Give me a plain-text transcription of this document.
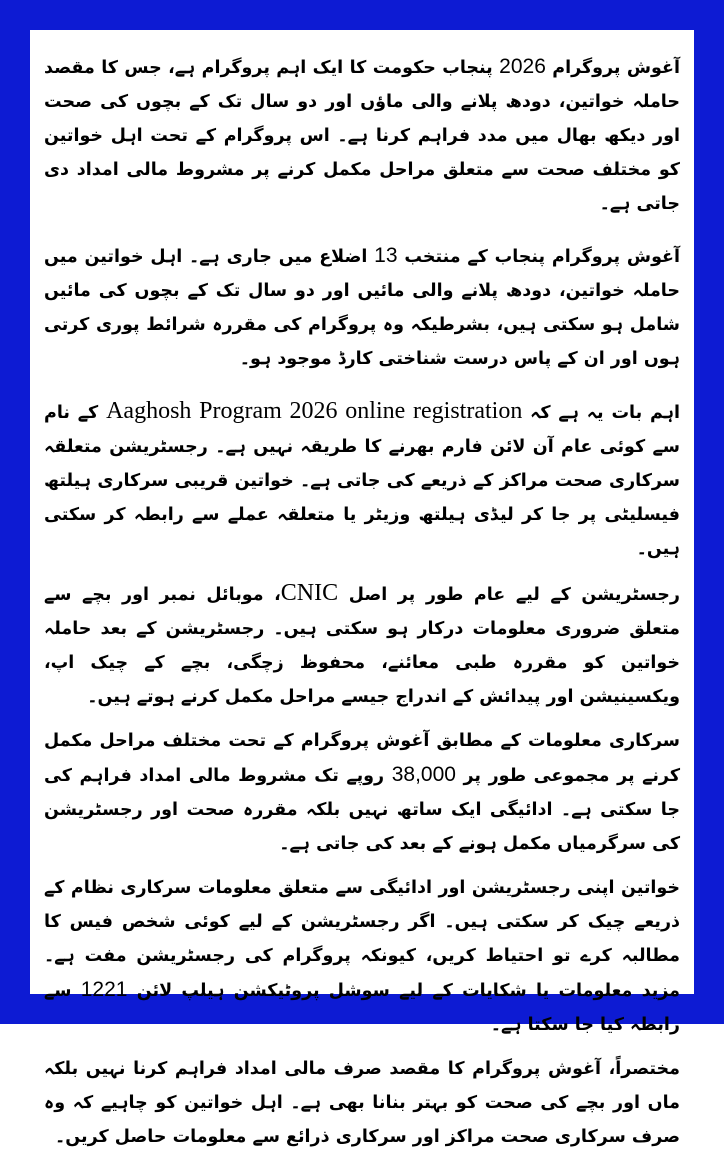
آغوش پروگرام 2026 پنجاب حکومت کا ایک اہم پروگرام ہے، جس کا مقصد حاملہ خواتین، دودھ پلانے والی ماؤں اور دو سال تک کے بچوں کی صحت اور دیکھ بھال میں مدد فراہم کرنا ہے۔ اس پروگرام کے تحت اہل خواتین کو مختلف صحت سے متعلق مراحل مکمل کرنے پر مشروط مالی امداد دی جاتی ہے۔

آغوش پروگرام پنجاب کے منتخب 13 اضلاع میں جاری ہے۔ اہل خواتین میں حاملہ خواتین، دودھ پلانے والی مائیں اور دو سال تک کے بچوں کی مائیں شامل ہو سکتی ہیں، بشرطیکہ وہ پروگرام کی مقررہ شرائط پوری کرتی ہوں اور ان کے پاس درست شناختی کارڈ موجود ہو۔

اہم بات یہ ہے کہ Aaghosh Program 2026 online registration کے نام سے کوئی عام آن لائن فارم بھرنے کا طریقہ نہیں ہے۔ رجسٹریشن متعلقہ سرکاری صحت مراکز کے ذریعے کی جاتی ہے۔ خواتین قریبی سرکاری ہیلتھ فیسلیٹی پر جا کر لیڈی ہیلتھ وزیٹر یا متعلقہ عملے سے رابطہ کر سکتی ہیں۔

رجسٹریشن کے لیے عام طور پر اصل CNIC، موبائل نمبر اور بچے سے متعلق ضروری معلومات درکار ہو سکتی ہیں۔ رجسٹریشن کے بعد حاملہ خواتین کو مقررہ طبی معائنے، محفوظ زچگی، بچے کے چیک اپ، ویکسینیشن اور پیدائش کے اندراج جیسے مراحل مکمل کرنے ہوتے ہیں۔

سرکاری معلومات کے مطابق آغوش پروگرام کے تحت مختلف مراحل مکمل کرنے پر مجموعی طور پر 38,000 روپے تک مشروط مالی امداد فراہم کی جا سکتی ہے۔ ادائیگی ایک ساتھ نہیں بلکہ مقررہ صحت اور رجسٹریشن کی سرگرمیاں مکمل ہونے کے بعد کی جاتی ہے۔

خواتین اپنی رجسٹریشن اور ادائیگی سے متعلق معلومات سرکاری نظام کے ذریعے چیک کر سکتی ہیں۔ اگر رجسٹریشن کے لیے کوئی شخص فیس کا مطالبہ کرے تو احتیاط کریں، کیونکہ پروگرام کی رجسٹریشن مفت ہے۔ مزید معلومات یا شکایات کے لیے سوشل پروٹیکشن ہیلپ لائن 1221 سے رابطہ کیا جا سکتا ہے۔

مختصراً، آغوش پروگرام کا مقصد صرف مالی امداد فراہم کرنا نہیں بلکہ ماں اور بچے کی صحت کو بہتر بنانا بھی ہے۔ اہل خواتین کو چاہیے کہ وہ صرف سرکاری صحت مراکز اور سرکاری ذرائع سے معلومات حاصل کریں۔
